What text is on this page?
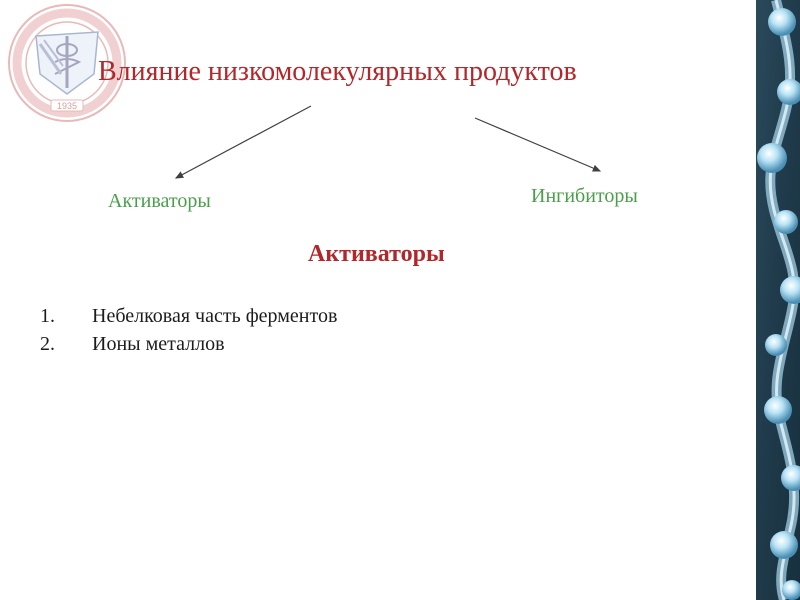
1935
Влияние низкомолекулярных продуктов
Активаторы	Ингибиторы
Активаторы
1.	Небелковая часть ферментов
2.	Ионы металлов
